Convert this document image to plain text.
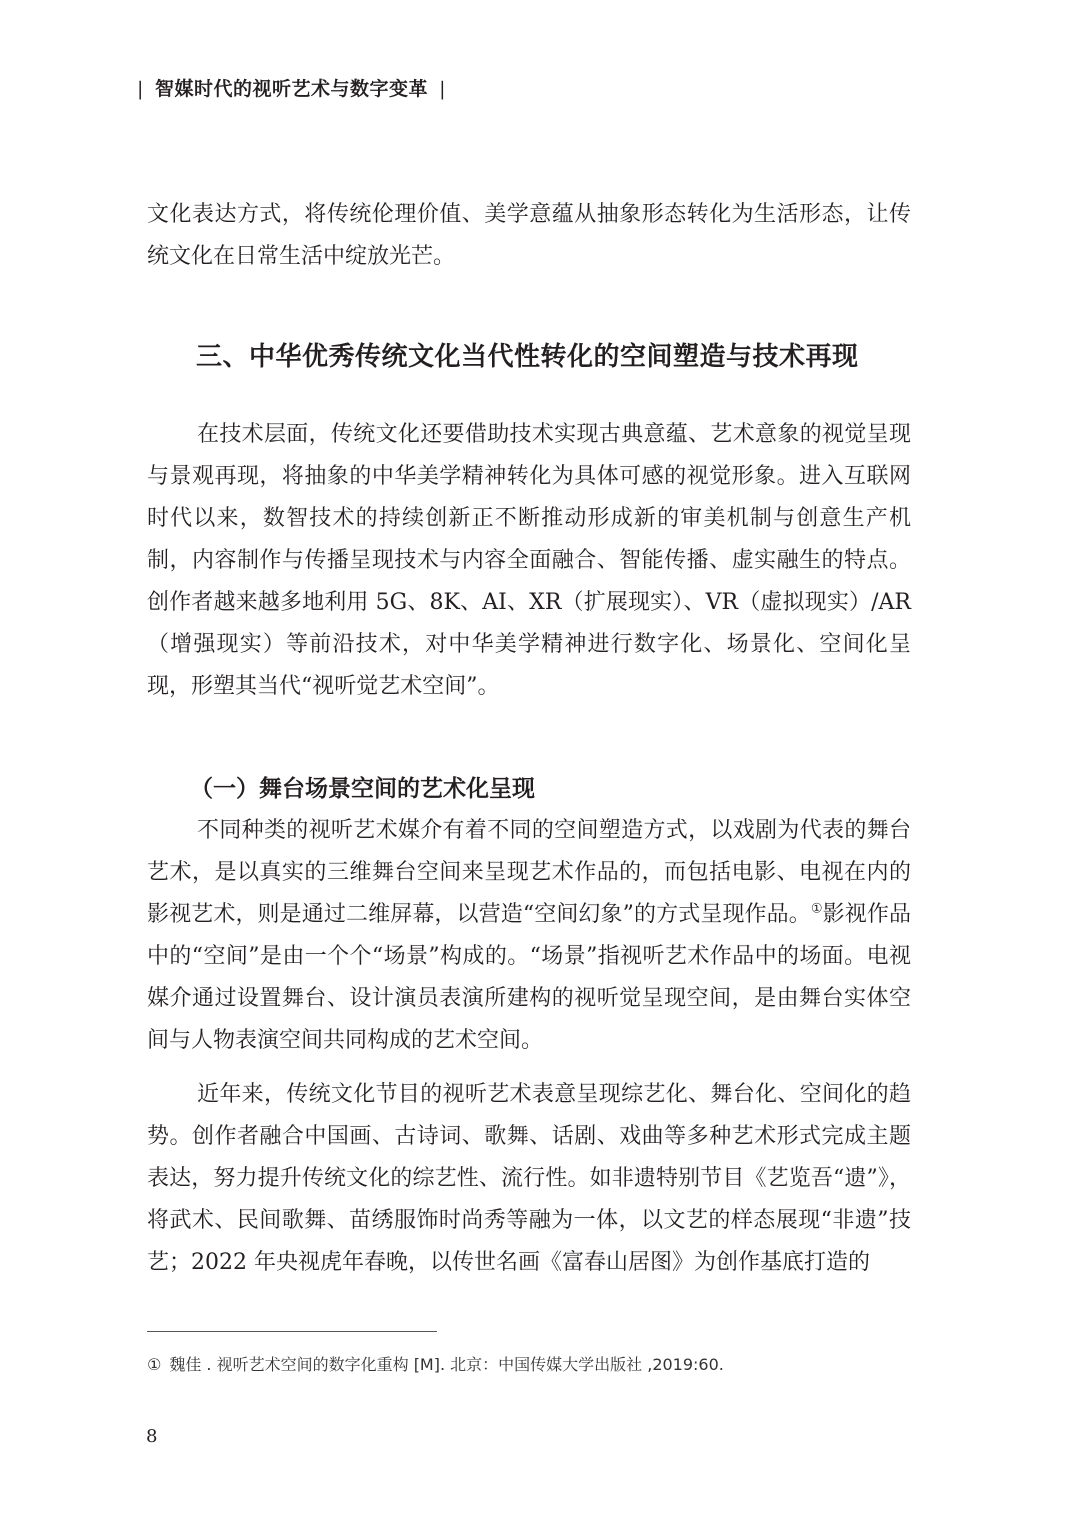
| 智媒时代的视听艺术与数字变革 |

文化表达方式，将传统伦理价值、美学意蕴从抽象形态转化为生活形态，让传统文化在日常生活中绽放光芒。

三、中华优秀传统文化当代性转化的空间塑造与技术再现

在技术层面，传统文化还要借助技术实现古典意蕴、艺术意象的视觉呈现与景观再现，将抽象的中华美学精神转化为具体可感的视觉形象。进入互联网时代以来，数智技术的持续创新正不断推动形成新的审美机制与创意生产机制，内容制作与传播呈现技术与内容全面融合、智能传播、虚实融生的特点。创作者越来越多地利用 5G、8K、AI、XR（扩展现实）、VR（虚拟现实）/AR（增强现实）等前沿技术，对中华美学精神进行数字化、场景化、空间化呈现，形塑其当代“视听觉艺术空间”。

（一）舞台场景空间的艺术化呈现

不同种类的视听艺术媒介有着不同的空间塑造方式，以戏剧为代表的舞台艺术，是以真实的三维舞台空间来呈现艺术作品的，而包括电影、电视在内的影视艺术，则是通过二维屏幕，以营造“空间幻象”的方式呈现作品。①影视作品中的“空间”是由一个个“场景”构成的。“场景”指视听艺术作品中的场面。电视媒介通过设置舞台、设计演员表演所建构的视听觉呈现空间，是由舞台实体空间与人物表演空间共同构成的艺术空间。

近年来，传统文化节目的视听艺术表意呈现综艺化、舞台化、空间化的趋势。创作者融合中国画、古诗词、歌舞、话剧、戏曲等多种艺术形式完成主题表达，努力提升传统文化的综艺性、流行性。如非遗特别节目《艺览吾“遗”》，将武术、民间歌舞、苗绣服饰时尚秀等融为一体，以文艺的样态展现“非遗”技艺；2022 年央视虎年春晚，以传世名画《富春山居图》为创作基底打造的

① 魏佳 . 视听艺术空间的数字化重构 [M]. 北京：中国传媒大学出版社 ,2019:60.
8
